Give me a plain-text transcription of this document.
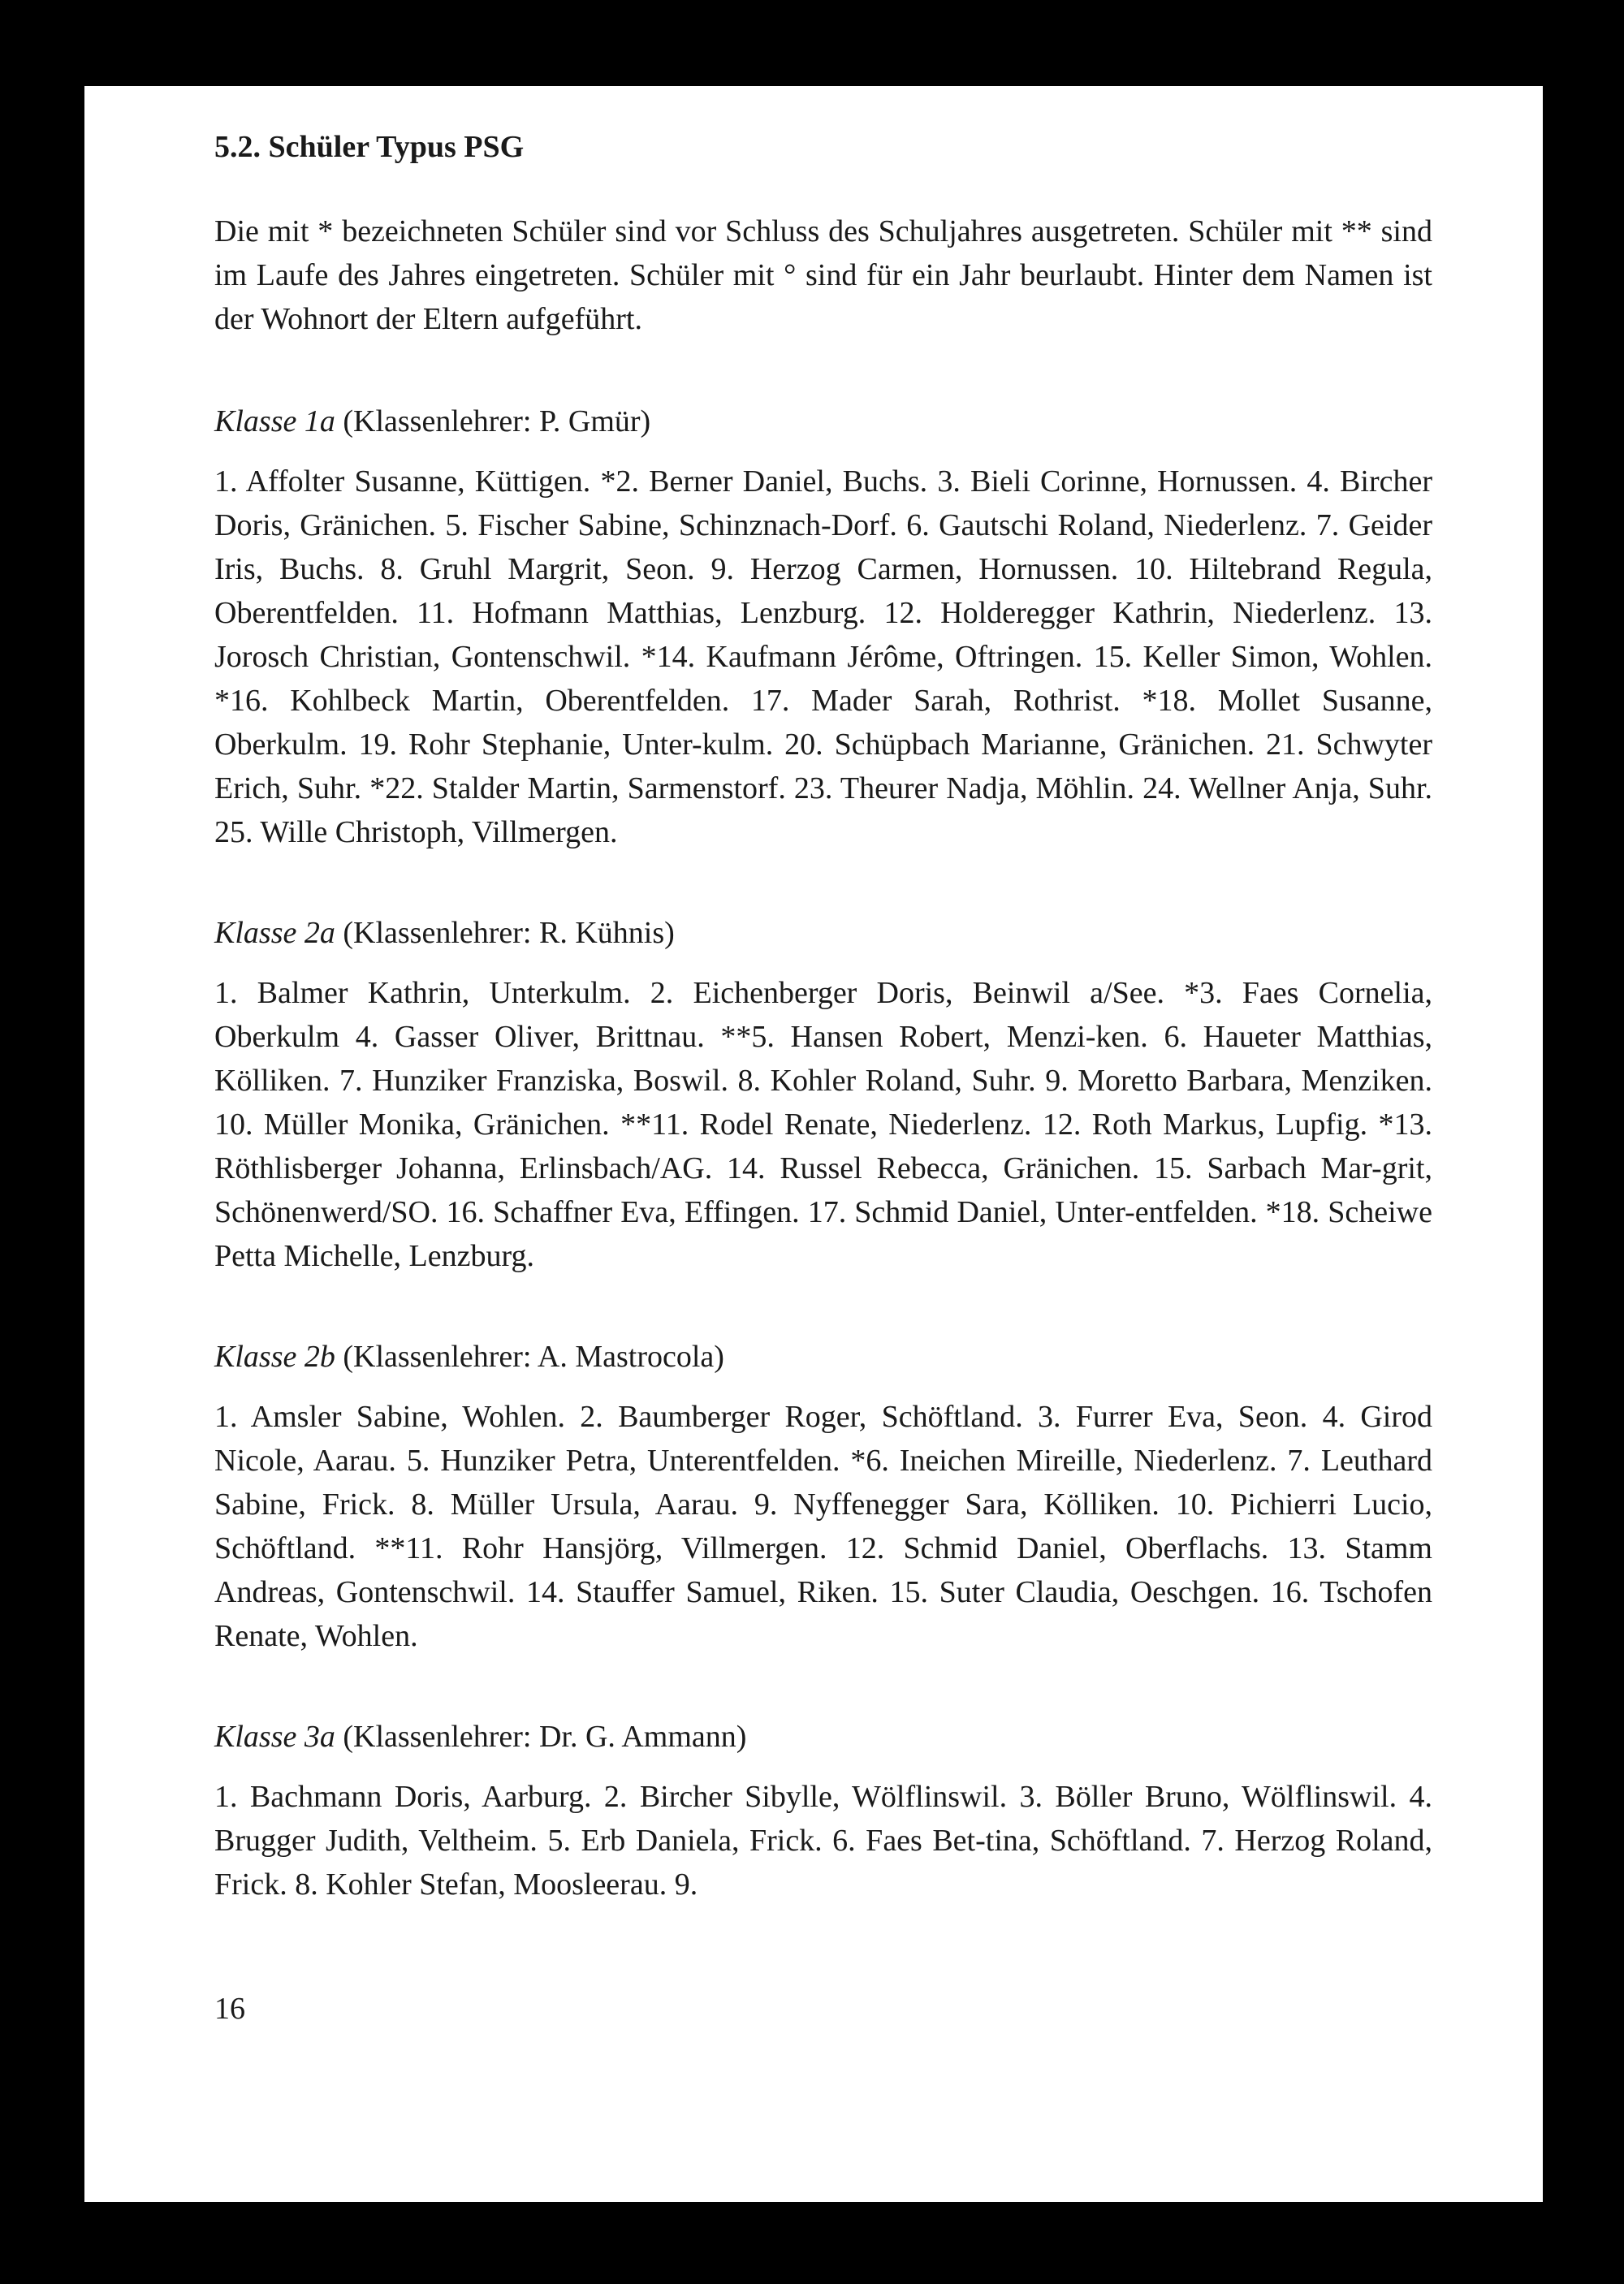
5.2. Schüler Typus PSG
Die mit * bezeichneten Schüler sind vor Schluss des Schuljahres ausgetreten. Schüler mit ** sind im Laufe des Jahres eingetreten. Schüler mit ° sind für ein Jahr beurlaubt. Hinter dem Namen ist der Wohnort der Eltern aufgeführt.
Klasse 1a (Klassenlehrer: P. Gmür)
1. Affolter Susanne, Küttigen. *2. Berner Daniel, Buchs. 3. Bieli Corinne, Hornussen. 4. Bircher Doris, Gränichen. 5. Fischer Sabine, Schinznach-Dorf. 6. Gautschi Roland, Niederlenz. 7. Geider Iris, Buchs. 8. Gruhl Margrit, Seon. 9. Herzog Carmen, Hornussen. 10. Hiltebrand Regula, Oberentfelden. 11. Hofmann Matthias, Lenzburg. 12. Holderegger Kathrin, Niederlenz. 13. Jorosch Christian, Gontenschwil. *14. Kaufmann Jérôme, Oftringen. 15. Keller Simon, Wohlen. *16. Kohlbeck Martin, Oberentfelden. 17. Mader Sarah, Rothrist. *18. Mollet Susanne, Oberkulm. 19. Rohr Stephanie, Unter-kulm. 20. Schüpbach Marianne, Gränichen. 21. Schwyter Erich, Suhr. *22. Stalder Martin, Sarmenstorf. 23. Theurer Nadja, Möhlin. 24. Wellner Anja, Suhr. 25. Wille Christoph, Villmergen.
Klasse 2a (Klassenlehrer: R. Kühnis)
1. Balmer Kathrin, Unterkulm. 2. Eichenberger Doris, Beinwil a/See. *3. Faes Cornelia, Oberkulm 4. Gasser Oliver, Brittnau. **5. Hansen Robert, Menzi-ken. 6. Haueter Matthias, Kölliken. 7. Hunziker Franziska, Boswil. 8. Kohler Roland, Suhr. 9. Moretto Barbara, Menziken. 10. Müller Monika, Gränichen. **11. Rodel Renate, Niederlenz. 12. Roth Markus, Lupfig. *13. Röthlisberger Johanna, Erlinsbach/AG. 14. Russel Rebecca, Gränichen. 15. Sarbach Mar-grit, Schönenwerd/SO. 16. Schaffner Eva, Effingen. 17. Schmid Daniel, Unter-entfelden. *18. Scheiwe Petta Michelle, Lenzburg.
Klasse 2b (Klassenlehrer: A. Mastrocola)
1. Amsler Sabine, Wohlen. 2. Baumberger Roger, Schöftland. 3. Furrer Eva, Seon. 4. Girod Nicole, Aarau. 5. Hunziker Petra, Unterentfelden. *6. Ineichen Mireille, Niederlenz. 7. Leuthard Sabine, Frick. 8. Müller Ursula, Aarau. 9. Nyffenegger Sara, Kölliken. 10. Pichierri Lucio, Schöftland. **11. Rohr Hansjörg, Villmergen. 12. Schmid Daniel, Oberflachs. 13. Stamm Andreas, Gontenschwil. 14. Stauffer Samuel, Riken. 15. Suter Claudia, Oeschgen. 16. Tschofen Renate, Wohlen.
Klasse 3a (Klassenlehrer: Dr. G. Ammann)
1. Bachmann Doris, Aarburg. 2. Bircher Sibylle, Wölflinswil. 3. Böller Bruno, Wölflinswil. 4. Brugger Judith, Veltheim. 5. Erb Daniela, Frick. 6. Faes Bet-tina, Schöftland. 7. Herzog Roland, Frick. 8. Kohler Stefan, Moosleerau. 9.
16
